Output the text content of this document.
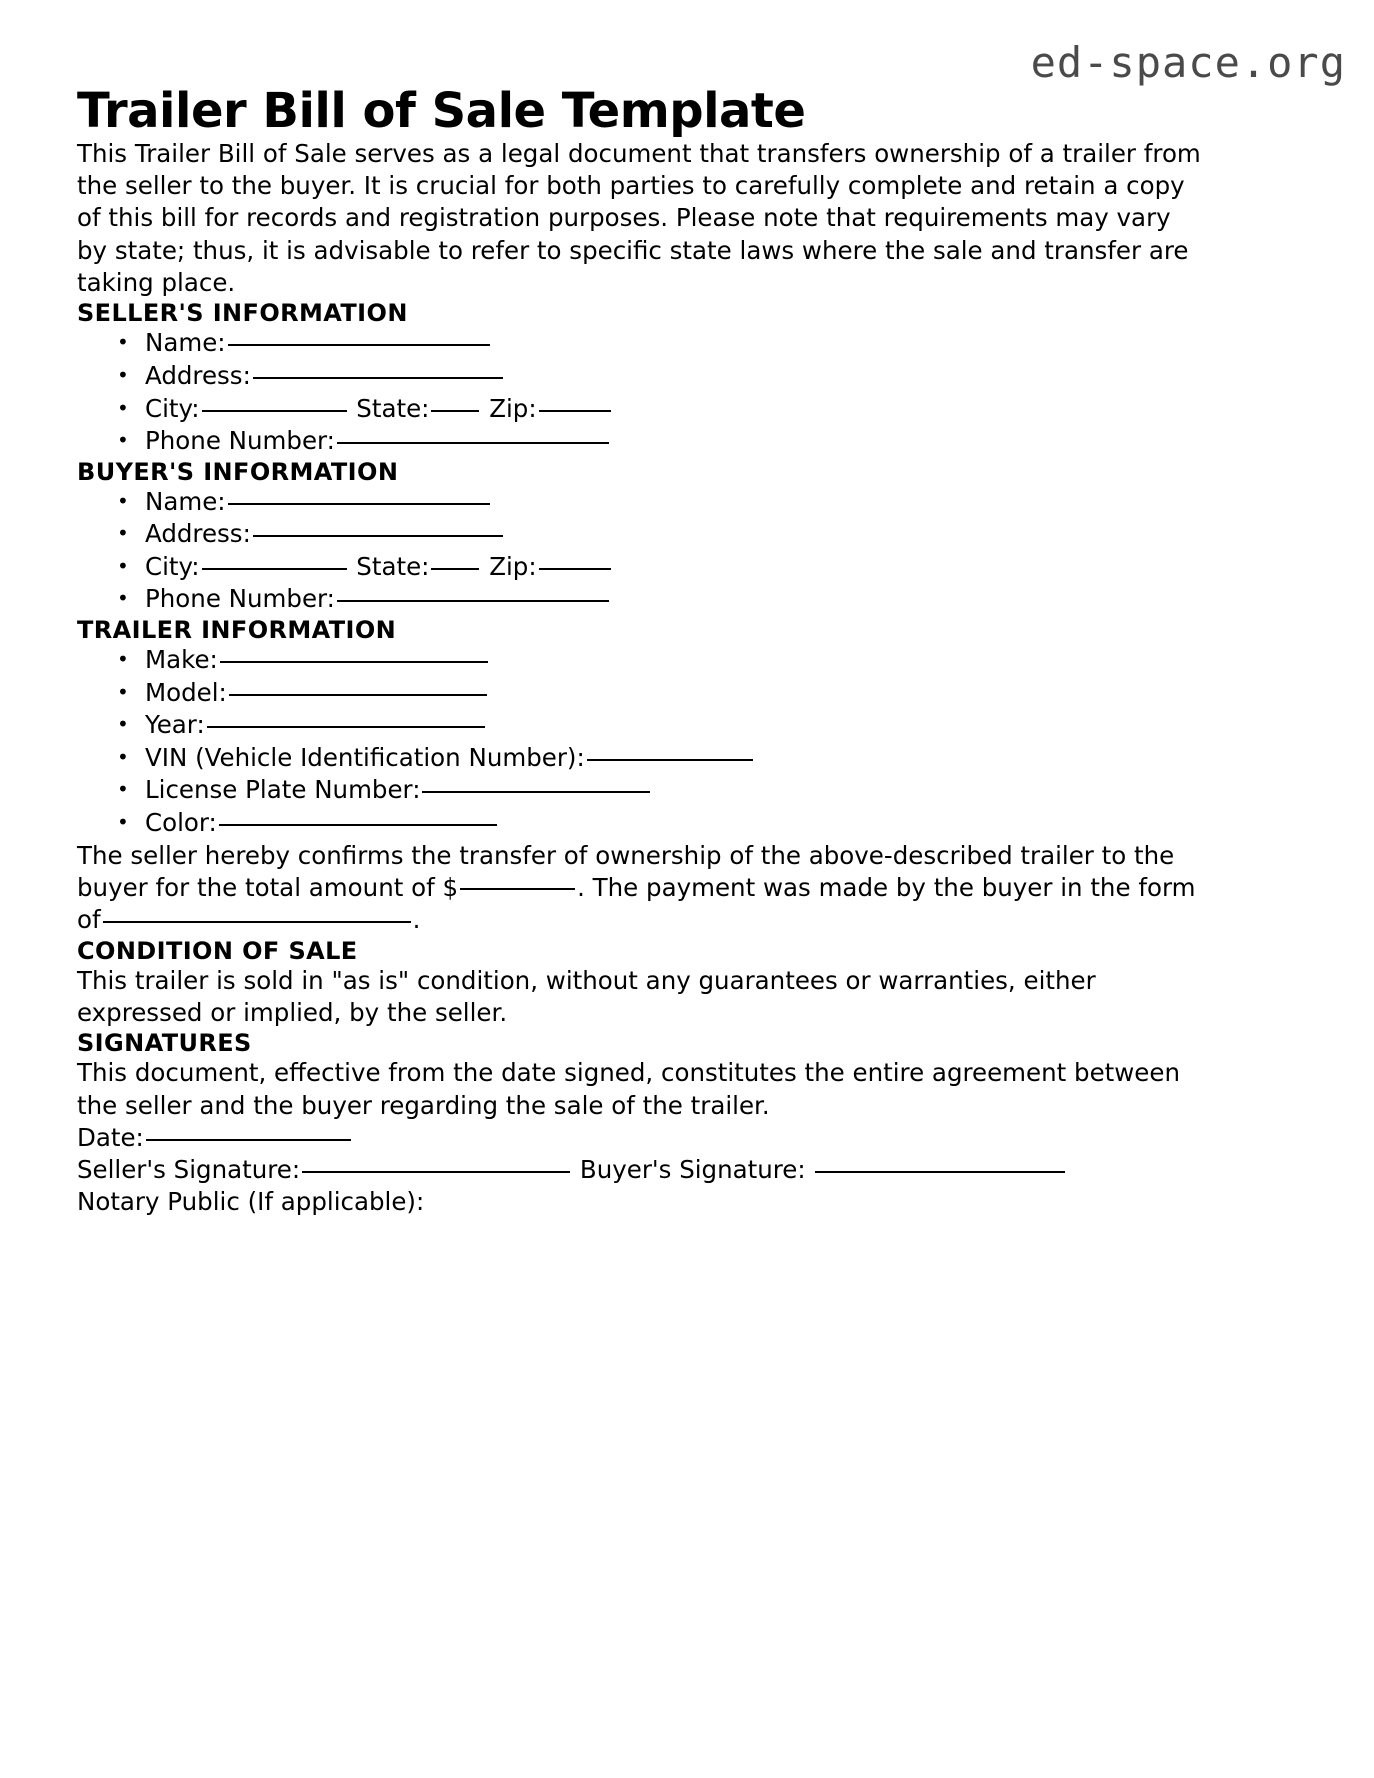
ed-space.org
Trailer Bill of Sale Template

This Trailer Bill of Sale serves as a legal document that transfers ownership of a trailer from the seller to the buyer. It is crucial for both parties to carefully complete and retain a copy of this bill for records and registration purposes. Please note that requirements may vary by state; thus, it is advisable to refer to specific state laws where the sale and transfer are taking place.

SELLER'S INFORMATION
• Name:
• Address:
• City:	State: Zip:
• Phone Number:
BUYER'S INFORMATION
• Name:
• Address:
• City:	State: Zip:
• Phone Number:
TRAILER INFORMATION
• Make:
• Model:
• Year:
• VIN (Vehicle Identification Number):
• License Plate Number:
• Color:

The seller hereby confirms the transfer of ownership of the above-described trailer to the buyer for the total amount of $	. The payment was made by the buyer in the form of	.

CONDITION OF SALE

This trailer is sold in "as is" condition, without any guarantees or warranties, either expressed or implied, by the seller.

SIGNATURES

This document, effective from the date signed, constitutes the entire agreement between the seller and the buyer regarding the sale of the trailer.

Date:

Seller's Signature:	Buyer's Signature:

Notary Public (If applicable):
